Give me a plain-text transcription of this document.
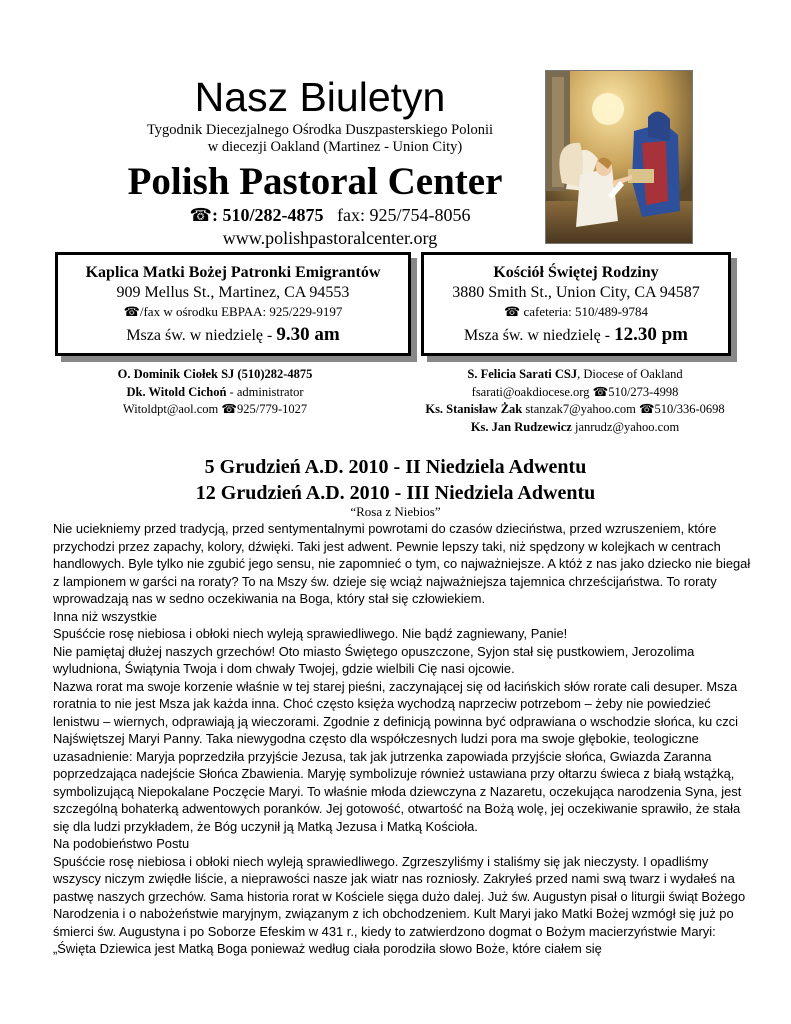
Nasz Biuletyn
Tygodnik Diecezjalnego Ośrodka Duszpasterskiego Polonii
w diecezji Oakland (Martinez - Union City)
Polish Pastoral Center
☎: 510/282-4875 fax: 925/754-8056
www.polishpastoralcenter.org
Kaplica Matki Bożej Patronki Emigrantów
909 Mellus St., Martinez, CA 94553
☎/fax w ośrodku EBPAA: 925/229-9197
Msza św. w niedzielę - 9.30 am
Kościół Świętej Rodziny
3880 Smith St., Union City, CA 94587
☎ cafeteria: 510/489-9784
Msza św. w niedzielę - 12.30 pm
O. Dominik Ciołek SJ (510)282-4875
Dk. Witold Cichoń - administrator
Witoldpt@aol.com ☎925/779-1027
S. Felicia Sarati CSJ, Diocese of Oakland
fsarati@oakdiocese.org ☎510/273-4998
Ks. Stanisław Żak stanzak7@yahoo.com ☎510/336-0698
Ks. Jan Rudzewicz janrudz@yahoo.com
5 Grudzień A.D. 2010 - II Niedziela Adwentu
12 Grudzień A.D. 2010 - III Niedziela Adwentu
“Rosa z Niebios”

Nie uciekniemy przed tradycją, przed sentymentalnymi powrotami do czasów dzieciństwa, przed wzruszeniem, które przychodzi przez zapachy, kolory, dźwięki. Taki jest adwent. Pewnie lepszy taki, niż spędzony w kolejkach w centrach handlowych. Byle tylko nie zgubić jego sensu, nie zapomnieć o tym, co najważniejsze. A któż z nas jako dziecko nie biegał z lampionem w garści na roraty? To na Mszy św. dzieje się wciąż najważniejsza tajemnica chrześcijaństwa. To roraty wprowadzają nas w sedno oczekiwania na Boga, który stał się człowiekiem.

Inna niż wszystkie

Spuśćcie rosę niebiosa i obłoki niech wyleją sprawiedliwego. Nie bądź zagniewany, Panie!

Nie pamiętaj dłużej naszych grzechów! Oto miasto Świętego opuszczone, Syjon stał się pustkowiem, Jerozolima wyludniona, Świątynia Twoja i dom chwały Twojej, gdzie wielbili Cię nasi ojcowie.

Nazwa rorat ma swoje korzenie właśnie w tej starej pieśni, zaczynającej się od łacińskich słów rorate cali desuper. Msza roratnia to nie jest Msza jak każda inna. Choć często księża wychodzą naprzeciw potrzebom – żeby nie powiedzieć lenistwu – wiernych, odprawiają ją wieczorami. Zgodnie z definicją powinna być odprawiana o wschodzie słońca, ku czci Najświętszej Maryi Panny. Taka niewygodna często dla współczesnych ludzi pora ma swoje głębokie, teologiczne uzasadnienie: Maryja poprzedziła przyjście Jezusa, tak jak jutrzenka zapowiada przyjście słońca, Gwiazda Zaranna poprzedzająca nadejście Słońca Zbawienia. Maryję symbolizuje również ustawiana przy ołtarzu świeca z białą wstążką, symbolizującą Niepokalane Poczęcie Maryi. To właśnie młoda dziewczyna z Nazaretu, oczekująca narodzenia Syna, jest szczególną bohaterką adwentowych poranków. Jej gotowość, otwartość na Bożą wolę, jej oczekiwanie sprawiło, że stała się dla ludzi przykładem, że Bóg uczynił ją Matką Jezusa i Matką Kościoła.

Na podobieństwo Postu

Spuśćcie rosę niebiosa i obłoki niech wyleją sprawiedliwego. Zgrzeszyliśmy i staliśmy się jak nieczysty. I opadliśmy wszyscy niczym zwiędłe liście, a nieprawości nasze jak wiatr nas rozniosły. Zakryłeś przed nami swą twarz i wydałeś na pastwę naszych grzechów. Sama historia rorat w Kościele sięga dużo dalej. Już św. Augustyn pisał o liturgii świąt Bożego Narodzenia i o nabożeństwie maryjnym, związanym z ich obchodzeniem. Kult Maryi jako Matki Bożej wzmógł się już po śmierci św. Augustyna i po Soborze Efeskim w 431 r., kiedy to zatwierdzono dogmat o Bożym macierzyństwie Maryi: „Święta Dziewica jest Matką Boga ponieważ według ciała porodziła słowo Boże, które ciałem się
